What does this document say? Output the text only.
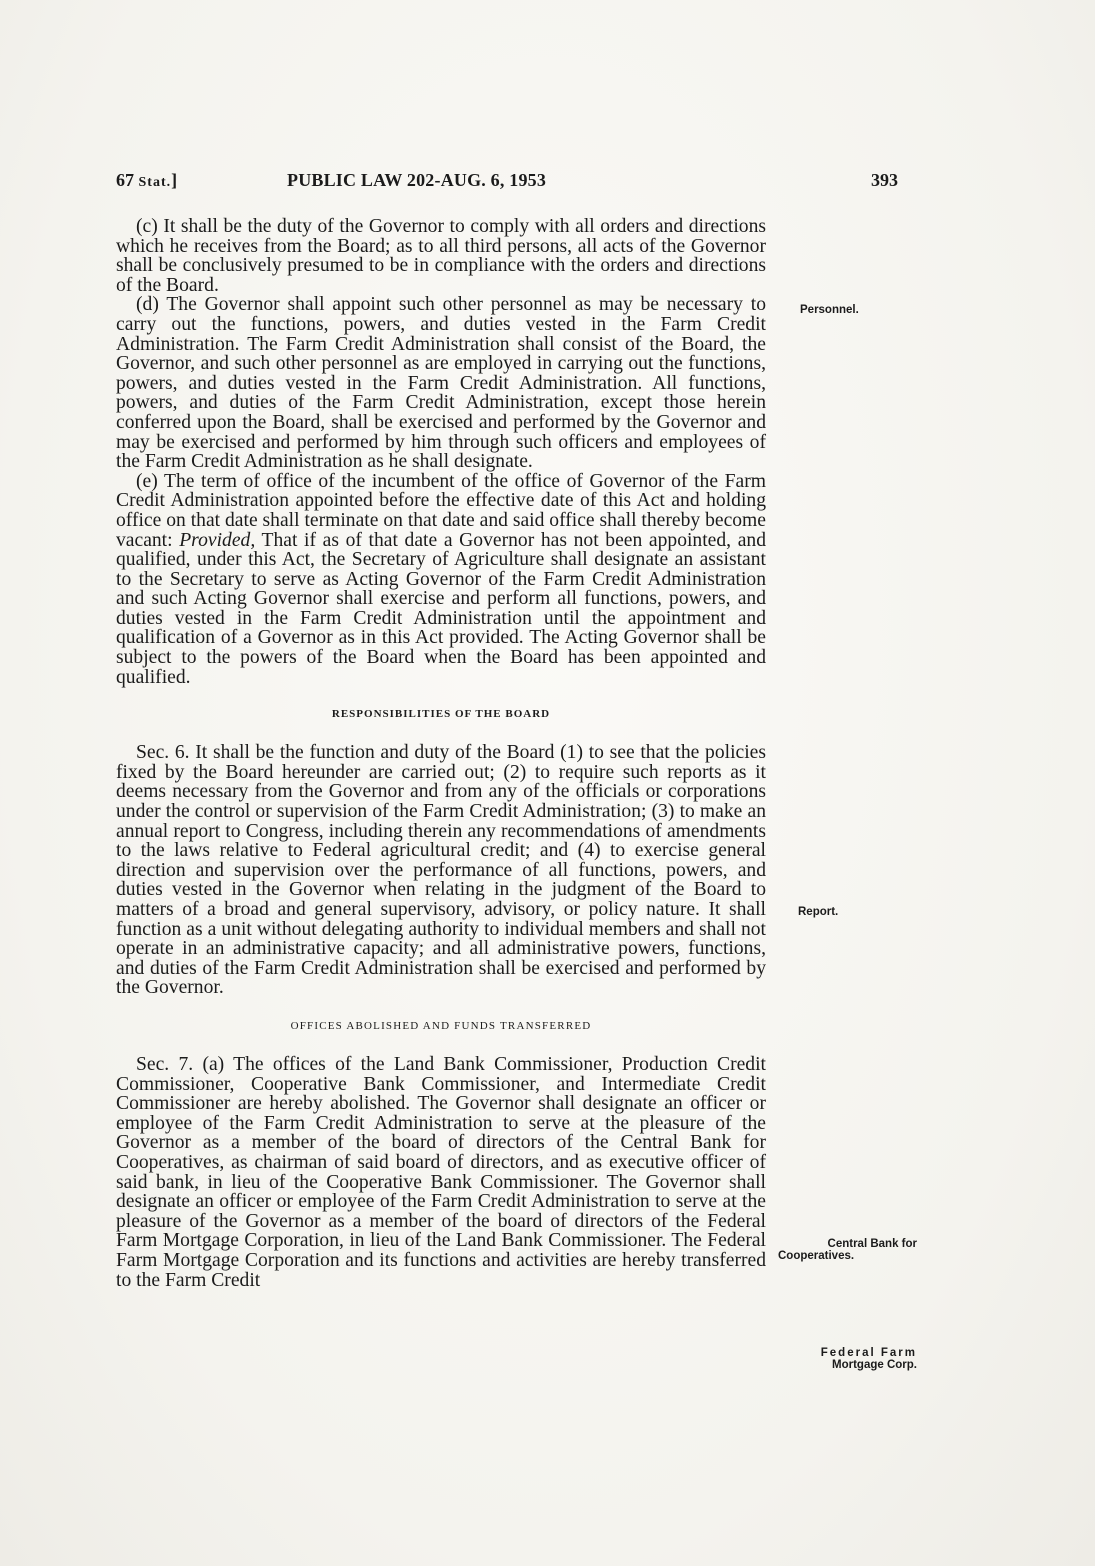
67 Stat.]	PUBLIC LAW 202-AUG. 6, 1953	393

(c) It shall be the duty of the Governor to comply with all orders and directions which he receives from the Board; as to all third persons, all acts of the Governor shall be conclusively presumed to be in compliance with the orders and directions of the Board.

(d) The Governor shall appoint such other personnel as may be necessary to carry out the functions, powers, and duties vested in the Farm Credit Administration. The Farm Credit Administration shall consist of the Board, the Governor, and such other personnel as are employed in carrying out the functions, powers, and duties vested in the Farm Credit Administration. All functions, powers, and duties of the Farm Credit Administration, except those herein conferred upon the Board, shall be exercised and performed by the Governor and may be exercised and performed by him through such officers and employees of the Farm Credit Administration as he shall designate.

(e) The term of office of the incumbent of the office of Governor of the Farm Credit Administration appointed before the effective date of this Act and holding office on that date shall terminate on that date and said office shall thereby become vacant: Provided, That if as of that date a Governor has not been appointed, and qualified, under this Act, the Secretary of Agriculture shall designate an assistant to the Secretary to serve as Acting Governor of the Farm Credit Administration and such Acting Governor shall exercise and perform all functions, powers, and duties vested in the Farm Credit Administration until the appointment and qualification of a Governor as in this Act provided. The Acting Governor shall be subject to the powers of the Board when the Board has been appointed and qualified.

RESPONSIBILITIES OF THE BOARD

Sec. 6. It shall be the function and duty of the Board (1) to see that the policies fixed by the Board hereunder are carried out; (2) to require such reports as it deems necessary from the Governor and from any of the officials or corporations under the control or supervision of the Farm Credit Administration; (3) to make an annual report to Congress, including therein any recommendations of amendments to the laws relative to Federal agricultural credit; and (4) to exercise general direction and supervision over the performance of all functions, powers, and duties vested in the Governor when relating in the judgment of the Board to matters of a broad and general supervisory, advisory, or policy nature. It shall function as a unit without delegating authority to individual members and shall not operate in an administrative capacity; and all administrative powers, functions, and duties of the Farm Credit Administration shall be exercised and performed by the Governor.

OFFICES ABOLISHED AND FUNDS TRANSFERRED

Sec. 7. (a) The offices of the Land Bank Commissioner, Production Credit Commissioner, Cooperative Bank Commissioner, and Intermediate Credit Commissioner are hereby abolished. The Governor shall designate an officer or employee of the Farm Credit Administration to serve at the pleasure of the Governor as a member of the board of directors of the Central Bank for Cooperatives, as chairman of said board of directors, and as executive officer of said bank, in lieu of the Cooperative Bank Commissioner. The Governor shall designate an officer or employee of the Farm Credit Administration to serve at the pleasure of the Governor as a member of the board of directors of the Federal Farm Mortgage Corporation, in lieu of the Land Bank Commissioner. The Federal Farm Mortgage Corporation and its functions and activities are hereby transferred to the Farm Credit

Personnel.
Report.
Central Bank for
Cooperatives.
Federal Farm
Mortgage Corp.
